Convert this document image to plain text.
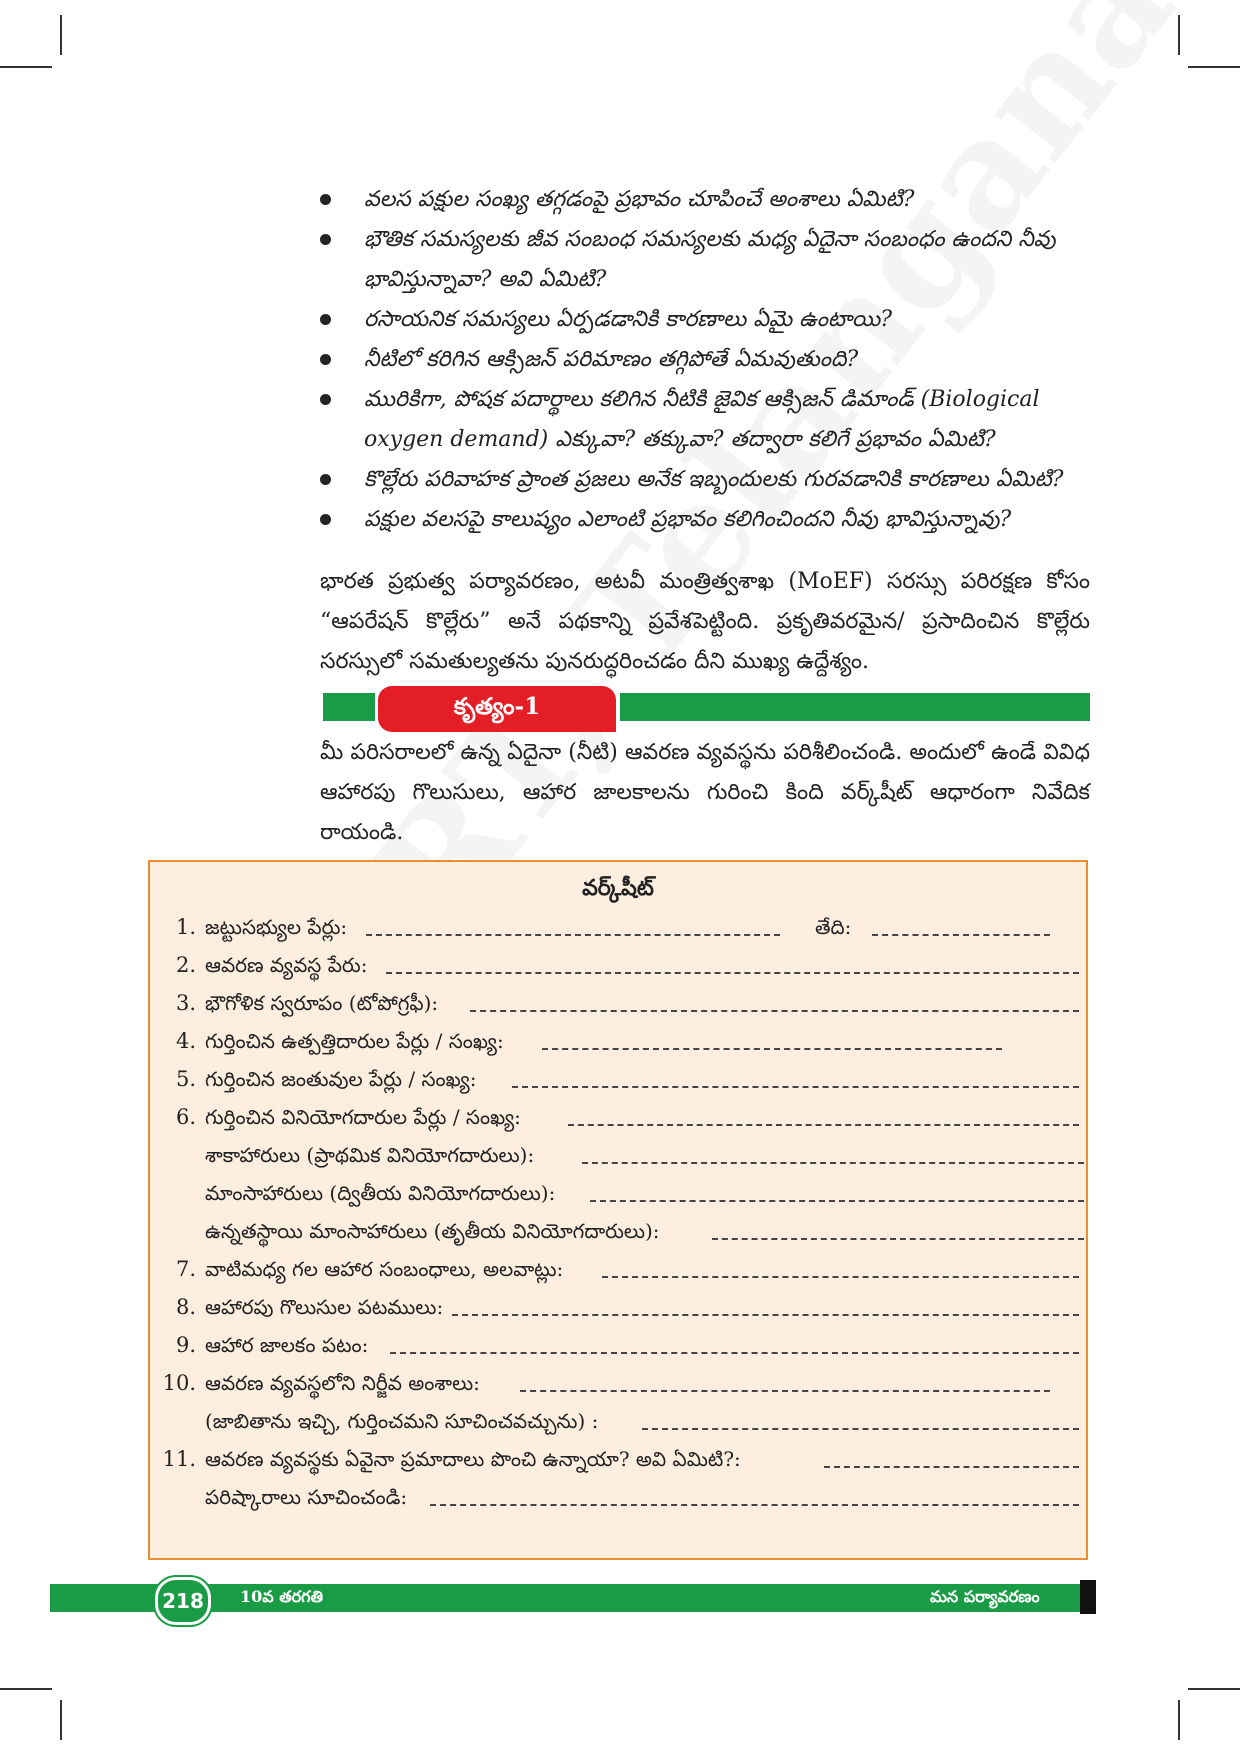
వలస పక్షుల సంఖ్య తగ్గడంపై ప్రభావం చూపించే అంశాలు ఏమిటి?
భౌతిక సమస్యలకు జీవ సంబంధ సమస్యలకు మధ్య ఏదైనా సంబంధం ఉందని నీవు భావిస్తున్నావా? అవి ఏమిటి?
రసాయనిక సమస్యలు ఏర్పడడానికి కారణాలు ఏమై ఉంటాయి?
నీటిలో కరిగిన ఆక్సిజన్ పరిమాణం తగ్గిపోతే ఏమవుతుంది?
మురికిగా, పోషక పదార్థాలు కలిగిన నీటికి జైవిక ఆక్సిజన్ డిమాండ్ (Biological oxygen demand) ఎక్కువా? తక్కువా? తద్వారా కలిగే ప్రభావం ఏమిటి?
కొల్లేరు పరివాహక ప్రాంత ప్రజలు అనేక ఇబ్బందులకు గురవడానికి కారణాలు ఏమిటి?
పక్షుల వలసపై కాలుష్యం ఎలాంటి ప్రభావం కలిగించిందని నీవు భావిస్తున్నావు?
భారత ప్రభుత్వ పర్యావరణం, అటవీ మంత్రిత్వశాఖ (MoEF) సరస్సు పరిరక్షణ కోసం “ఆపరేషన్ కొల్లేరు” అనే పథకాన్ని ప్రవేశపెట్టింది. ప్రకృతివరమైన/ ప్రసాదించిన కొల్లేరు సరస్సులో సమతుల్యతను పునరుద్ధరించడం దీని ముఖ్య ఉద్దేశ్యం.
కృత్యం-1
మీ పరిసరాలలో ఉన్న ఏదైనా (నీటి) ఆవరణ వ్యవస్థను పరిశీలించండి. అందులో ఉండే వివిధ ఆహారపు గొలుసులు, ఆహార జాలకాలను గురించి కింది వర్క్‌షీట్ ఆధారంగా నివేదిక రాయండి.
వర్క్‌షీట్
1. జట్టుసభ్యుల పేర్లు:	తేది:
2. ఆవరణ వ్యవస్థ పేరు:
3. భౌగోళిక స్వరూపం (టోపోగ్రఫీ):
4. గుర్తించిన ఉత్పత్తిదారుల పేర్లు / సంఖ్య:
5. గుర్తించిన జంతువుల పేర్లు / సంఖ్య:
6. గుర్తించిన వినియోగదారుల పేర్లు / సంఖ్య:
శాకాహారులు (ప్రాథమిక వినియోగదారులు):
మాంసాహారులు (ద్వితీయ వినియోగదారులు):
ఉన్నతస్థాయి మాంసాహారులు (తృతీయ వినియోగదారులు):
7. వాటిమధ్య గల ఆహార సంబంధాలు, అలవాట్లు:
8. ఆహారపు గొలుసుల పటములు:
9. ఆహార జాలకం పటం:
10. ఆవరణ వ్యవస్థలోని నిర్జీవ అంశాలు:
(జాబితాను ఇచ్చి, గుర్తించమని సూచించవచ్చును) :
11. ఆవరణ వ్యవస్థకు ఏవైనా ప్రమాదాలు పొంచి ఉన్నాయా? అవి ఏమిటి?:
పరిష్కారాలు సూచించండి:
218	10వ తరగతి	మన పర్యావరణం
